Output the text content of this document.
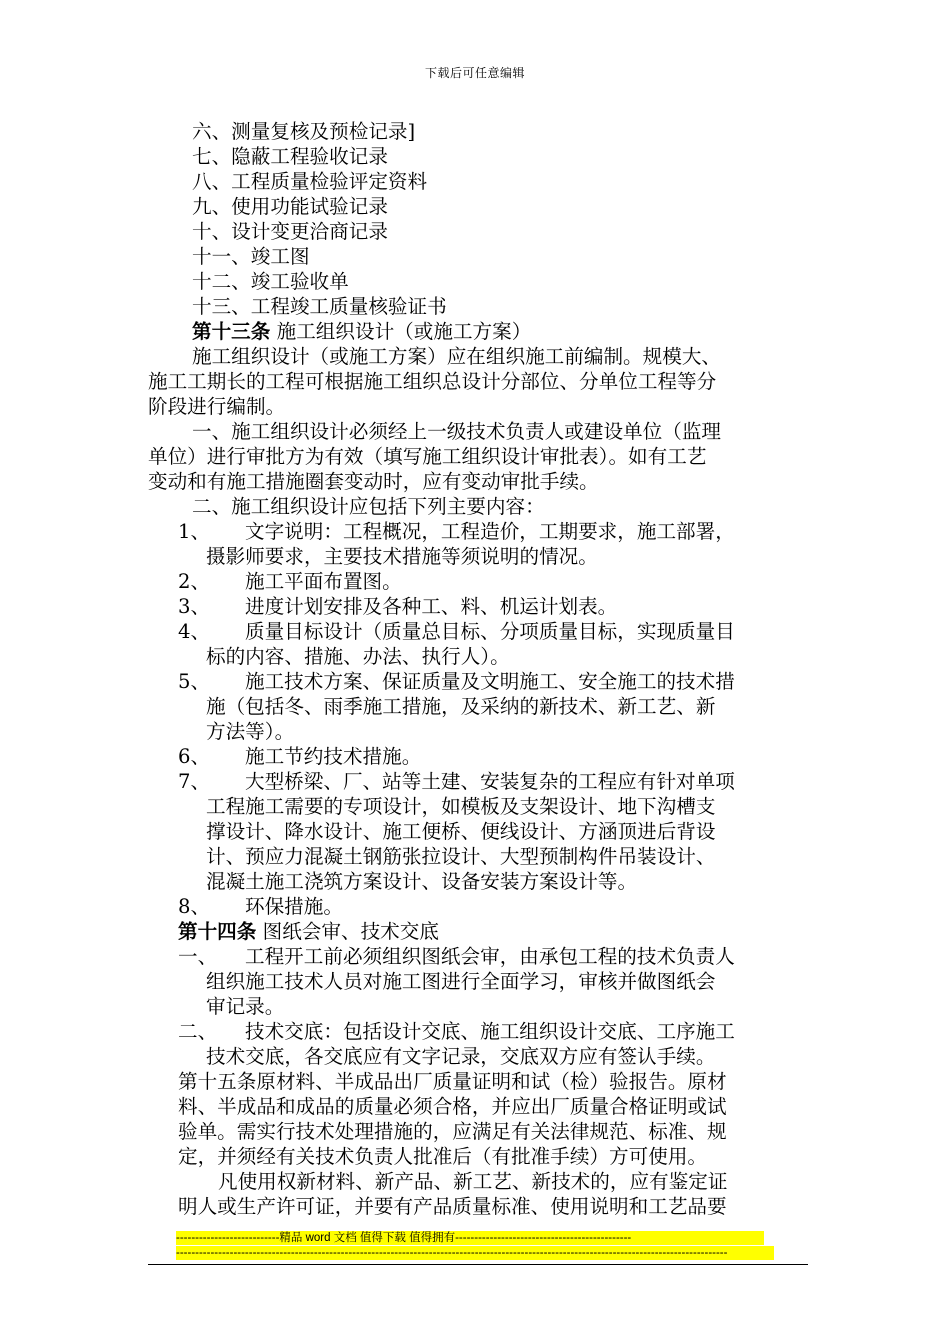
下载后可任意编辑
六、测量复核及预检记录]
七、隐蔽工程验收记录
八、工程质量检验评定资料
九、使用功能试验记录
十、设计变更洽商记录
十一、竣工图
十二、竣工验收单
十三、工程竣工质量核验证书
第十三条 施工组织设计（或施工方案）
施工组织设计（或施工方案）应在组织施工前编制。规模大、
施工工期长的工程可根据施工组织总设计分部位、分单位工程等分
阶段进行编制。
一、施工组织设计必须经上一级技术负责人或建设单位（监理
单位）进行审批方为有效（填写施工组织设计审批表）。如有工艺
变动和有施工措施圈套变动时，应有变动审批手续。
二、施工组织设计应包括下列主要内容：
1、 文字说明：工程概况，工程造价，工期要求，施工部署，
摄影师要求，主要技术措施等须说明的情况。
2、 施工平面布置图。
3、 进度计划安排及各种工、料、机运计划表。
4、 质量目标设计（质量总目标、分项质量目标，实现质量目
标的内容、措施、办法、执行人）。
5、 施工技术方案、保证质量及文明施工、安全施工的技术措
施（包括冬、雨季施工措施，及采纳的新技术、新工艺、新
方法等）。
6、 施工节约技术措施。
7、 大型桥梁、厂、站等土建、安装复杂的工程应有针对单项
工程施工需要的专项设计，如模板及支架设计、地下沟槽支
撑设计、降水设计、施工便桥、便线设计、方涵顶进后背设
计、预应力混凝土钢筋张拉设计、大型预制构件吊装设计、
混凝土施工浇筑方案设计、设备安装方案设计等。
8、 环保措施。
第十四条 图纸会审、技术交底
一、 工程开工前必须组织图纸会审，由承包工程的技术负责人
组织施工技术人员对施工图进行全面学习，审核并做图纸会
审记录。
二、 技术交底：包括设计交底、施工组织设计交底、工序施工
技术交底，各交底应有文字记录，交底双方应有签认手续。
第十五条原材料、半成品出厂质量证明和试（检）验报告。原材
料、半成品和成品的质量必须合格，并应出厂质量合格证明或试
验单。需实行技术处理措施的，应满足有关法律规范、标准、规
定，并须经有关技术负责人批准后（有批准手续）方可使用。
凡使用权新材料、新产品、新工艺、新技术的，应有鉴定证
明人或生产许可证，并要有产品质量标准、使用说明和工艺品要
---------------------------精品 word 文档 值得下载 值得拥有----------------------------------------------
------------------------------------------------------------------------------------------------------------------------------------------------
